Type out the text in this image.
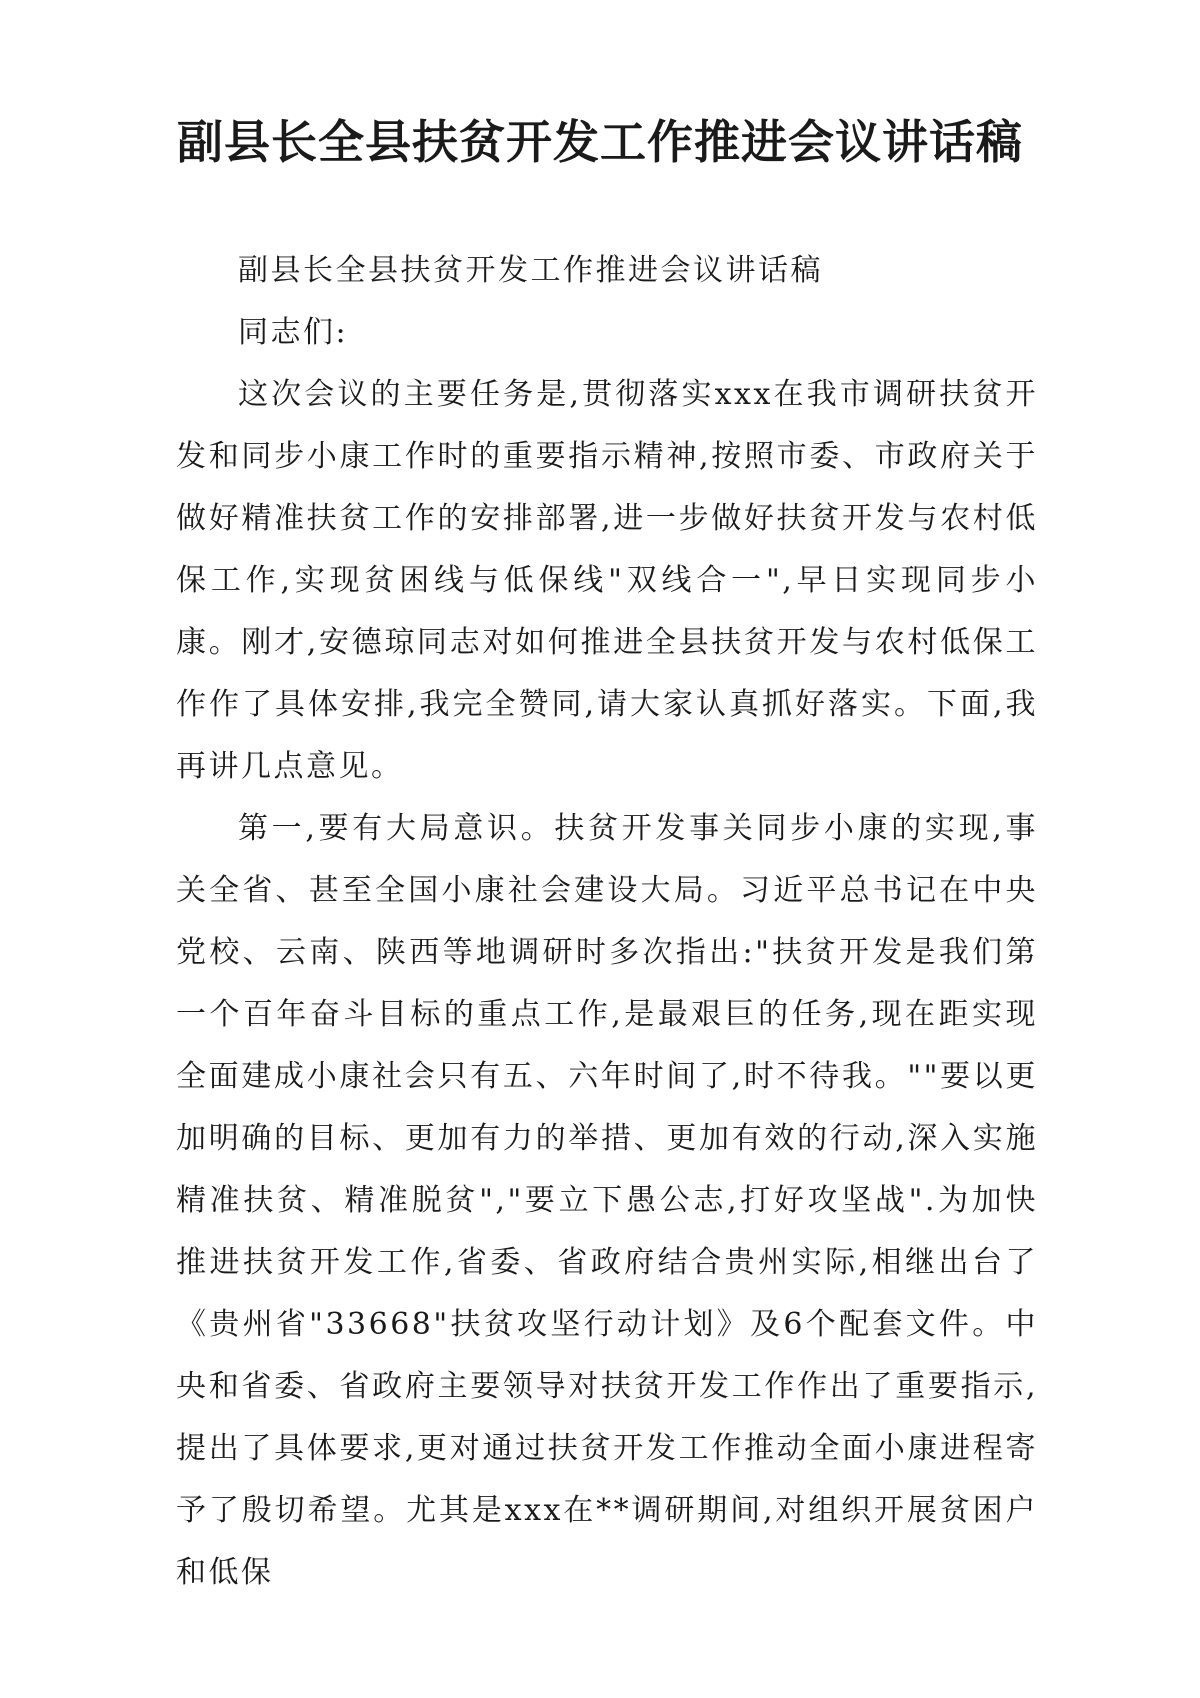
副县长全县扶贫开发工作推进会议讲话稿

副县长全县扶贫开发工作推进会议讲话稿

同志们:

这次会议的主要任务是,贯彻落实xxx在我市调研扶贫开发和同步小康工作时的重要指示精神,按照市委、市政府关于做好精准扶贫工作的安排部署,进一步做好扶贫开发与农村低保工作,实现贫困线与低保线"双线合一",早日实现同步小康。刚才,安德琼同志对如何推进全县扶贫开发与农村低保工作作了具体安排,我完全赞同,请大家认真抓好落实。下面,我再讲几点意见。

第一,要有大局意识。扶贫开发事关同步小康的实现,事关全省、甚至全国小康社会建设大局。习近平总书记在中央党校、云南、陕西等地调研时多次指出:"扶贫开发是我们第一个百年奋斗目标的重点工作,是最艰巨的任务,现在距实现全面建成小康社会只有五、六年时间了,时不待我。""要以更加明确的目标、更加有力的举措、更加有效的行动,深入实施精准扶贫、精准脱贫","要立下愚公志,打好攻坚战".为加快推进扶贫开发工作,省委、省政府结合贵州实际,相继出台了《贵州省"33668"扶贫攻坚行动计划》及6个配套文件。中央和省委、省政府主要领导对扶贫开发工作作出了重要指示,提出了具体要求,更对通过扶贫开发工作推动全面小康进程寄予了殷切希望。尤其是xxx在**调研期间,对组织开展贫困户和低保
